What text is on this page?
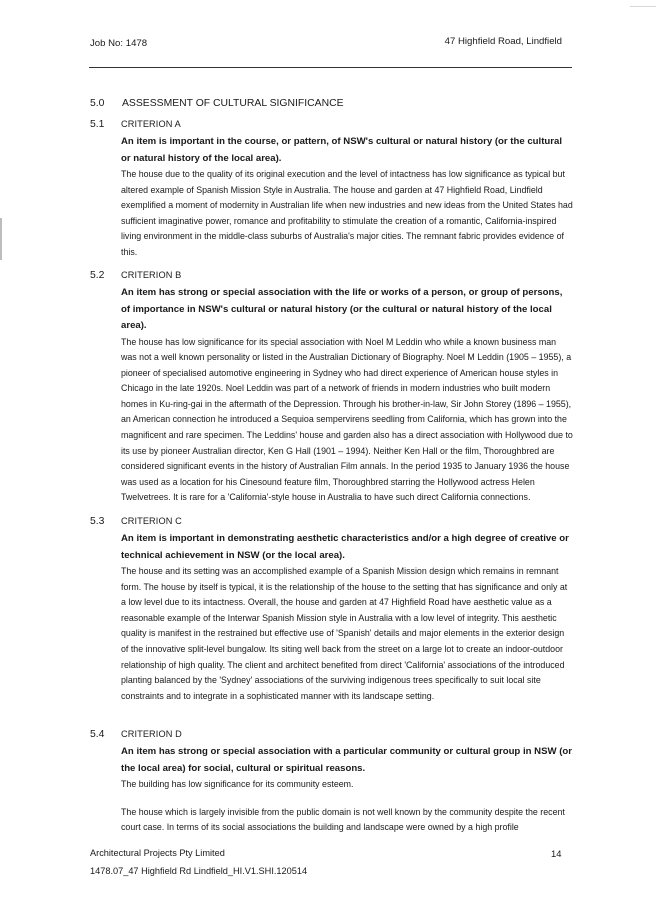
Job No: 1478	47 Highfield Road, Lindfield
5.0 ASSESSMENT OF CULTURAL SIGNIFICANCE
5.1 CRITERION A

An item is important in the course, or pattern, of NSW's cultural or natural history (or the cultural or natural history of the local area).

The house due to the quality of its original execution and the level of intactness has low significance as typical but altered example of Spanish Mission Style in Australia. The house and garden at 47 Highfield Road, Lindfield exemplified a moment of modernity in Australian life when new industries and new ideas from the United States had sufficient imaginative power, romance and profitability to stimulate the creation of a romantic, California-inspired living environment in the middle-class suburbs of Australia's major cities. The remnant fabric provides evidence of this.

5.2 CRITERION B

An item has strong or special association with the life or works of a person, or group of persons, of importance in NSW's cultural or natural history (or the cultural or natural history of the local area).

The house has low significance for its special association with Noel M Leddin who while a known business man was not a well known personality or listed in the Australian Dictionary of Biography. Noel M Leddin (1905 – 1955), a pioneer of specialised automotive engineering in Sydney who had direct experience of American house styles in Chicago in the late 1920s. Noel Leddin was part of a network of friends in modern industries who built modern homes in Ku-ring-gai in the aftermath of the Depression. Through his brother-in-law, Sir John Storey (1896 – 1955), an American connection he introduced a Sequioa sempervirens seedling from California, which has grown into the magnificent and rare specimen. The Leddins' house and garden also has a direct association with Hollywood due to its use by pioneer Australian director, Ken G Hall (1901 – 1994). Neither Ken Hall or the film, Thoroughbred are considered significant events in the history of Australian Film annals. In the period 1935 to January 1936 the house was used as a location for his Cinesound feature film, Thoroughbred starring the Hollywood actress Helen Twelvetrees. It is rare for a 'California'-style house in Australia to have such direct California connections.

5.3 CRITERION C

An item is important in demonstrating aesthetic characteristics and/or a high degree of creative or technical achievement in NSW (or the local area).

The house and its setting was an accomplished example of a Spanish Mission design which remains in remnant form. The house by itself is typical, it is the relationship of the house to the setting that has significance and only at a low level due to its intactness. Overall, the house and garden at 47 Highfield Road have aesthetic value as a reasonable example of the Interwar Spanish Mission style in Australia with a low level of integrity. This aesthetic quality is manifest in the restrained but effective use of 'Spanish' details and major elements in the exterior design of the innovative split-level bungalow. Its siting well back from the street on a large lot to create an indoor-outdoor relationship of high quality. The client and architect benefited from direct 'California' associations of the introduced planting balanced by the 'Sydney' associations of the surviving indigenous trees specifically to suit local site constraints and to integrate in a sophisticated manner with its landscape setting.

5.4 CRITERION D

An item has strong or special association with a particular community or cultural group in NSW (or the local area) for social, cultural or spiritual reasons.

The building has low significance for its community esteem.

The house which is largely invisible from the public domain is not well known by the community despite the recent court case. In terms of its social associations the building and landscape were owned by a high profile

Architectural Projects Pty Limited
1478.07_47 Highfield Rd Lindfield_HI.V1.SHI.120514
14
